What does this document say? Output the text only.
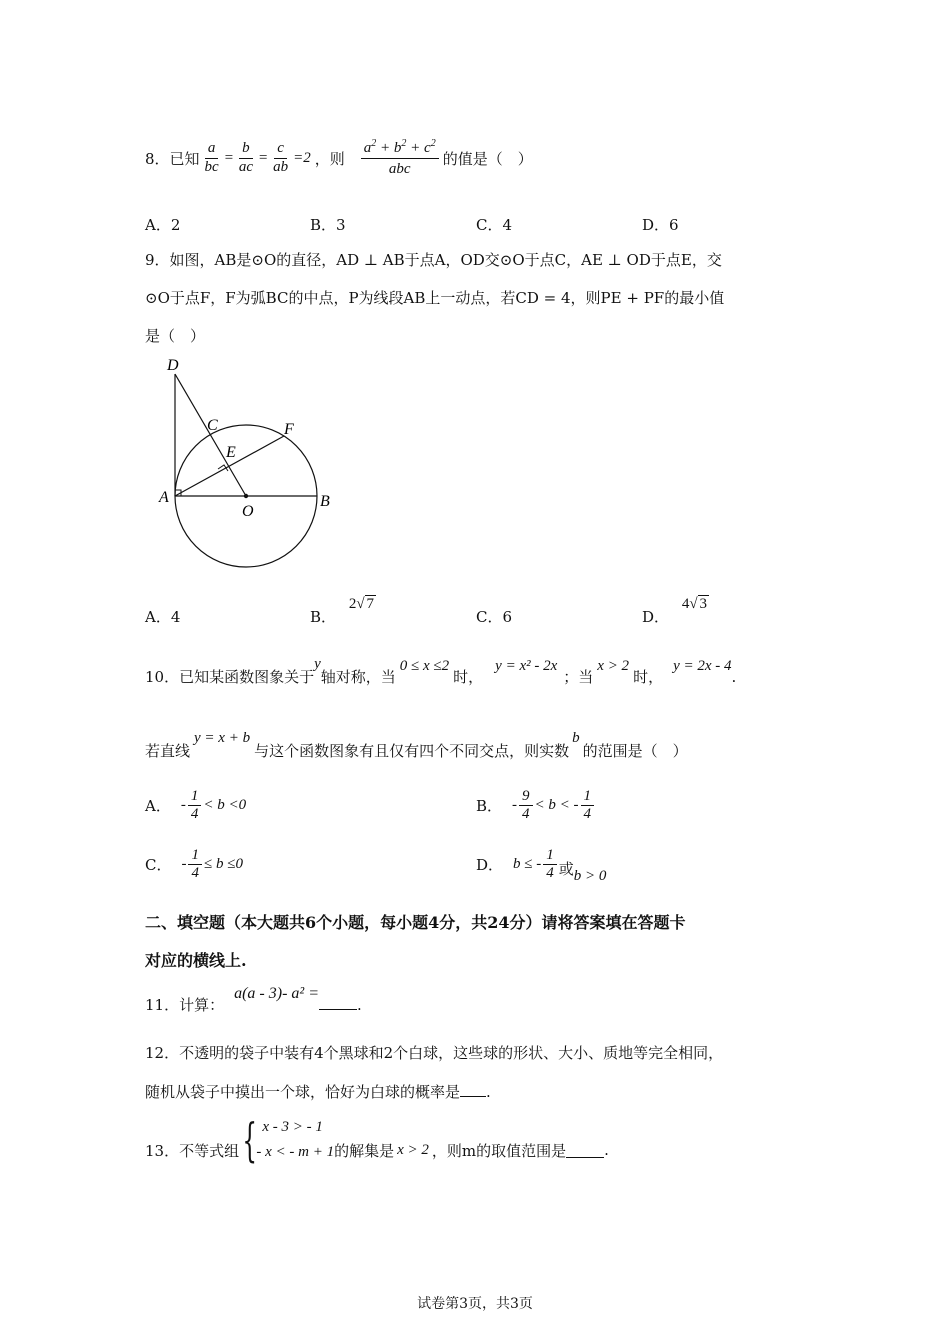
8．已知 $\frac{a}{bc} = \frac{b}{ac} = \frac{c}{ab} =2$ ，则 $\frac{a^2 + b^2 + c^2}{\text{abc}}$ 的值是（　）
A．2	B．3	C．4	D．6
9．如图，AB是⊙O的直径，AD ⊥ AB于点A，OD交⊙O于点C，AE ⊥ OD于点E，交
⊙O于点F，F为弧BC的中点，P为线段AB上一动点，若CD = 4，则PE + PF的最小值
是（　）
D
C	F
E
A
O
B
A．4	B． 2√ 7
C．6	D． 4√ 3
10．已知某函数图象关于y轴对称，当0 ≤ x ≤2时，y = x² - 2x；当x > 2时，y = 2x - 4.
若直线y = x + b与这个函数图象有且仅有四个不同交点，则实数b的范围是（　）
A． - $\frac{1}{4} < b < 0$	B． - $\frac{9}{4} < b$ < - $\frac{1}{4}$
C． - $\frac{1}{4} \le b \le 0$	D． b ≤ - $\frac{1}{4}$ 或 b > 0
二、填空题（本大题共6个小题，每小题4分，共24分）请将答案填在答题卡
对应的横线上.
11．计算：a(a - 3)- a² =.
12．不透明的袋子中装有4个黑球和2个白球，这些球的形状、大小、质地等完全相同，
随机从袋子中摸出一个球，恰好为白球的概率是 .
13．不等式组 { x - 3 > - 1
- x < - m + 1 的解集是 x > 2 ，则m的取值范围是	.
试卷第3页，共3页
